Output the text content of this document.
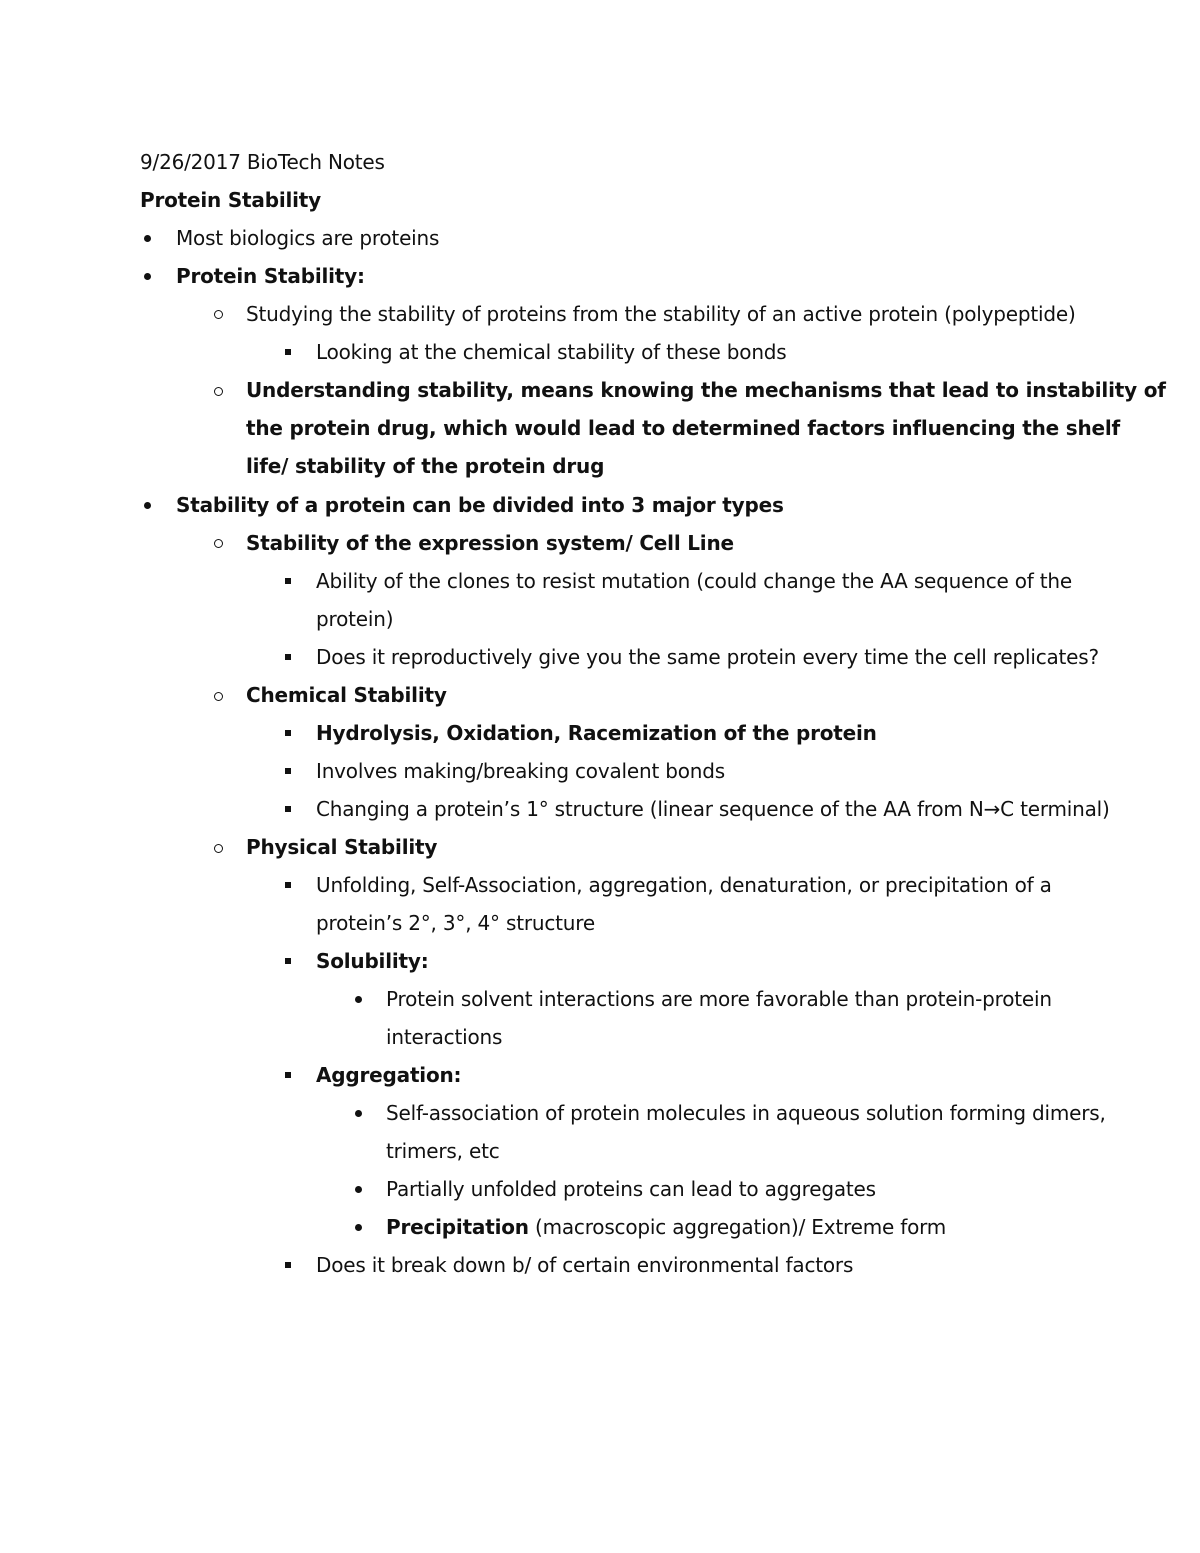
9/26/2017 BioTech Notes
Protein Stability
Most biologics are proteins
Protein Stability:
Studying the stability of proteins from the stability of an active protein (polypeptide)
Looking at the chemical stability of these bonds
Understanding stability, means knowing the mechanisms that lead to instability of
the protein drug, which would lead to determined factors influencing the shelf
life/ stability of the protein drug
Stability of a protein can be divided into 3 major types
Stability of the expression system/ Cell Line
Ability of the clones to resist mutation (could change the AA sequence of the
protein)
Does it reproductively give you the same protein every time the cell replicates?
Chemical Stability
Hydrolysis, Oxidation, Racemization of the protein
Involves making/breaking covalent bonds
Changing a protein’s 1° structure (linear sequence of the AA from N→C terminal)
Physical Stability
Unfolding, Self-Association, aggregation, denaturation, or precipitation of a
protein’s 2°, 3°, 4° structure
Solubility:
Protein solvent interactions are more favorable than protein-protein
interactions
Aggregation:
Self-association of protein molecules in aqueous solution forming dimers,
trimers, etc
Partially unfolded proteins can lead to aggregates
Precipitation (macroscopic aggregation)/ Extreme form
Does it break down b/ of certain environmental factors
